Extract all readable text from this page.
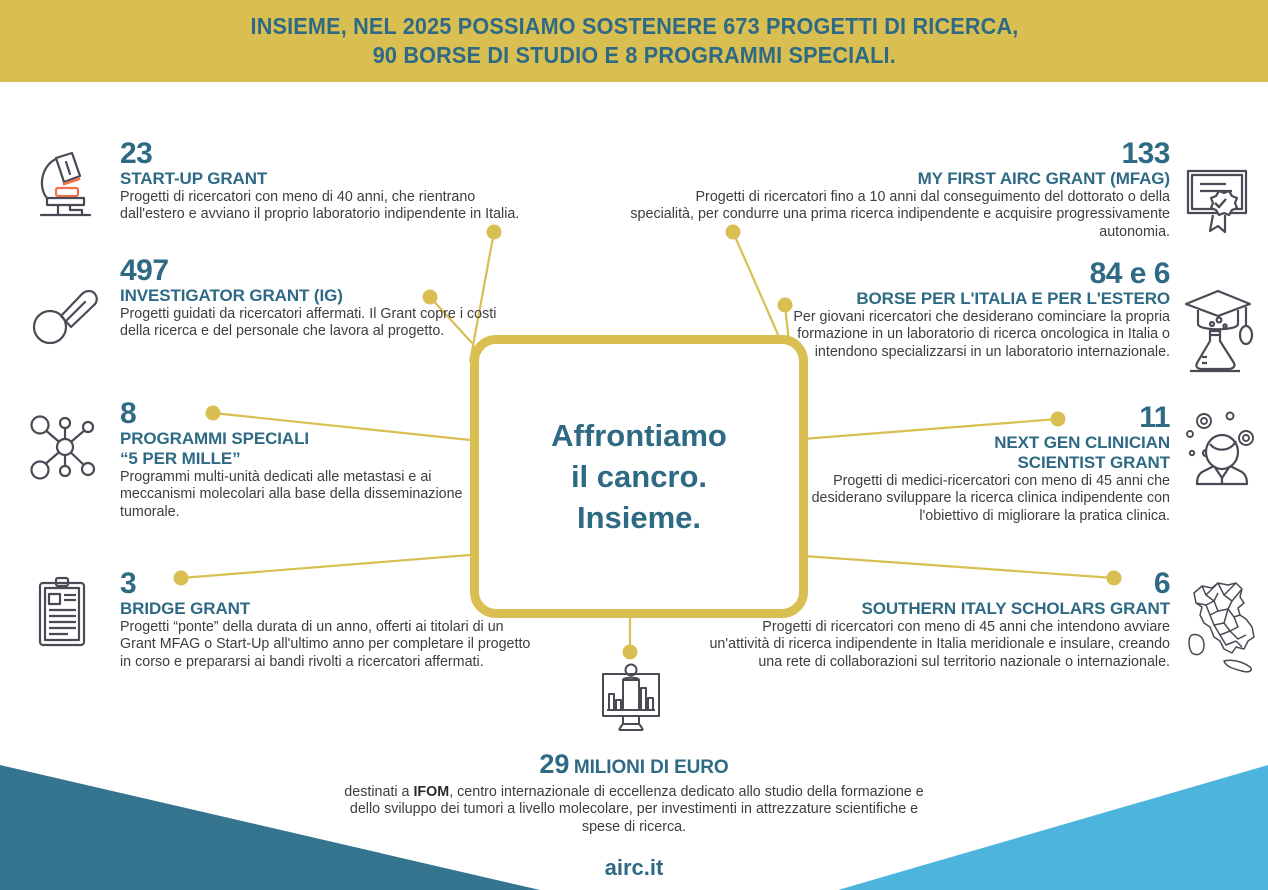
INSIEME, NEL 2025 POSSIAMO SOSTENERE 673 PROGETTI DI RICERCA,
90 BORSE DI STUDIO E 8 PROGRAMMI SPECIALI.
Affrontiamo
il cancro.
Insieme.
23
START-UP GRANT
Progetti di ricercatori con meno di 40 anni, che rientrano dall'estero e avviano il proprio laboratorio indipendente in Italia.
497
INVESTIGATOR GRANT (IG)
Progetti guidati da ricercatori affermati. Il Grant copre i costi della ricerca e del personale che lavora al progetto.
8
PROGRAMMI SPECIALI
“5 PER MILLE”
Programmi multi-unità dedicati alle metastasi e ai meccanismi molecolari alla base della disseminazione tumorale.
3
BRIDGE GRANT
Progetti “ponte” della durata di un anno, offerti ai titolari di un Grant MFAG o Start-Up all'ultimo anno per completare il progetto in corso e prepararsi ai bandi rivolti a ricercatori affermati.
133
MY FIRST AIRC GRANT (MFAG)
Progetti di ricercatori fino a 10 anni dal conseguimento del dottorato o della specialità, per condurre una prima ricerca indipendente e acquisire progressivamente autonomia.
84 e 6
BORSE PER L'ITALIA E PER L'ESTERO
Per giovani ricercatori che desiderano cominciare la propria formazione in un laboratorio di ricerca oncologica in Italia o intendono specializzarsi in un laboratorio internazionale.
11
NEXT GEN CLINICIAN
SCIENTIST GRANT
Progetti di medici-ricercatori con meno di 45 anni che desiderano sviluppare la ricerca clinica indipendente con l'obiettivo di migliorare la pratica clinica.
6
SOUTHERN ITALY SCHOLARS GRANT
Progetti di ricercatori con meno di 45 anni che intendono avviare un'attività di ricerca indipendente in Italia meridionale e insulare, creando una rete di collaborazioni sul territorio nazionale o internazionale.
29 MILIONI DI EURO
destinati a IFOM, centro internazionale di eccellenza dedicato allo studio della formazione e dello sviluppo dei tumori a livello molecolare, per investimenti in attrezzature scientifiche e spese di ricerca.
airc.it
